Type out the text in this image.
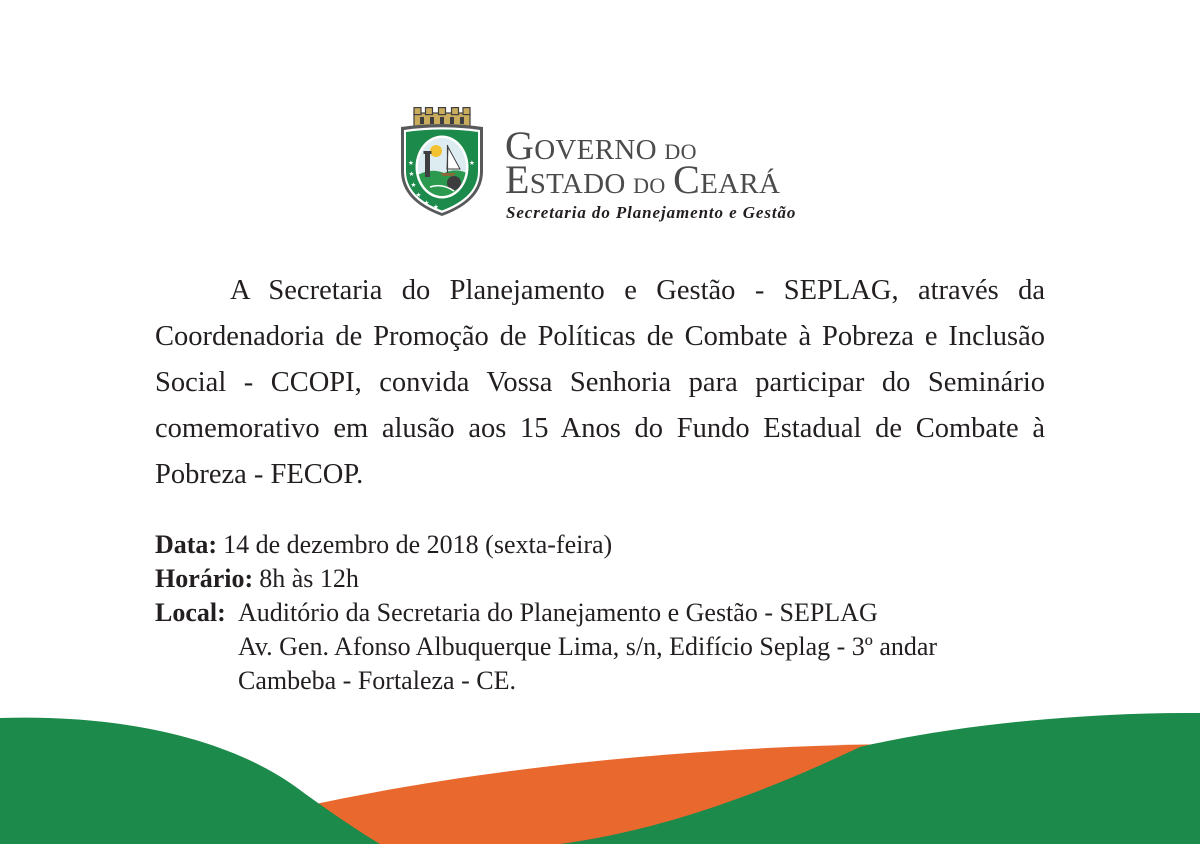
★
★
★
★
★ ★
★ GOVERNO DO
ESTADO DO CEARÁ
Secretaria do Planejamento e Gestão

A Secretaria do Planejamento e Gestão - SEPLAG, através da Coordenadoria de Promoção de Políticas de Combate à Pobreza e Inclusão Social - CCOPI, convida Vossa Senhoria para participar do Seminário comemorativo em alusão aos 15 Anos do Fundo Estadual de Combate à Pobreza - FECOP.

Data: 14 de dezembro de 2018 (sexta-feira)
Horário: 8h às 12h
Local: Auditório da Secretaria do Planejamento e Gestão - SEPLAG
Av. Gen. Afonso Albuquerque Lima, s/n, Edifício Seplag - 3º andar
Cambeba - Fortaleza - CE.
